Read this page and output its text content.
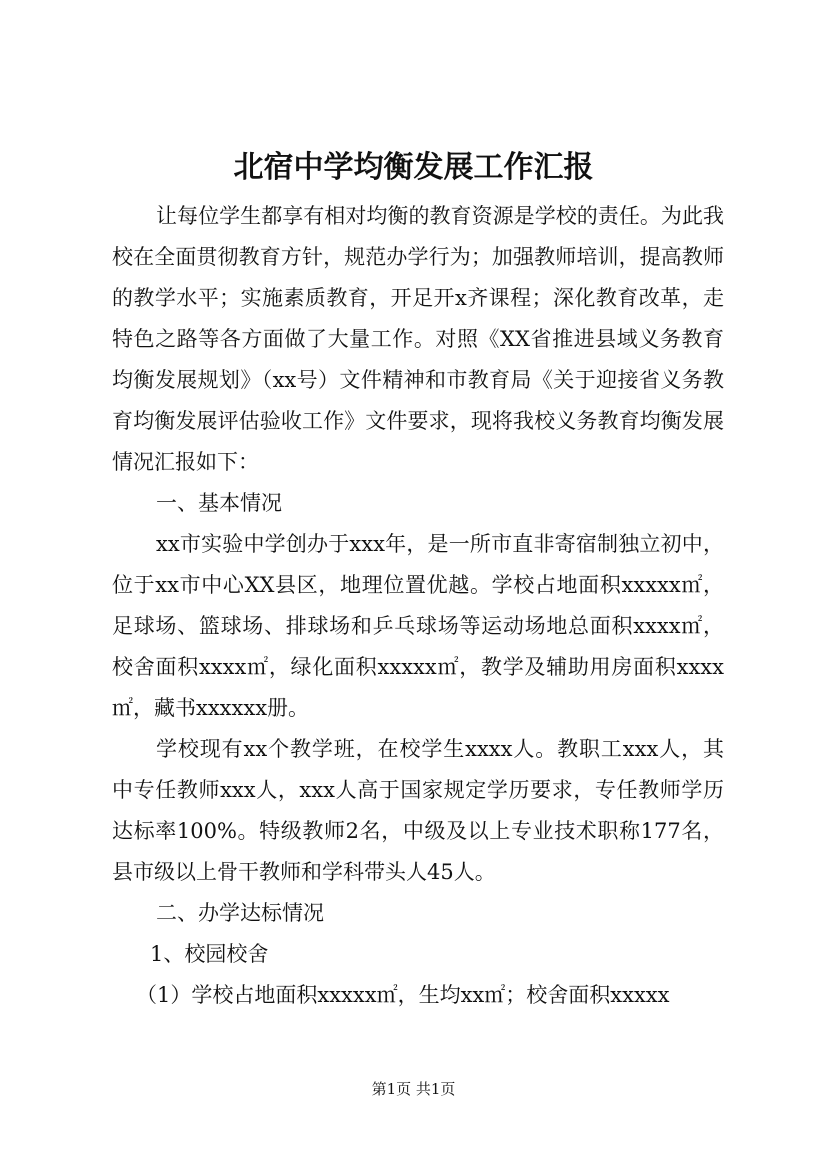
北宿中学均衡发展工作汇报

让每位学生都享有相对均衡的教育资源是学校的责任。为此我校在全面贯彻教育方针，规范办学行为；加强教师培训，提高教师的教学水平；实施素质教育，开足开x齐课程；深化教育改革，走特色之路等各方面做了大量工作。对照《XX省推进县域义务教育均衡发展规划》（xx号）文件精神和市教育局《关于迎接省义务教育均衡发展评估验收工作》文件要求，现将我校义务教育均衡发展情况汇报如下：

一、基本情况

xx市实验中学创办于xxx年，是一所市直非寄宿制独立初中，位于xx市中心XX县区，地理位置优越。学校占地面积xxxxx㎡，足球场、篮球场、排球场和乒乓球场等运动场地总面积xxxx㎡，校舍面积xxxx㎡，绿化面积xxxxx㎡，教学及辅助用房面积xxxx㎡，藏书xxxxxx册。

学校现有xx个教学班，在校学生xxxx人。教职工xxx人，其中专任教师xxx人，xxx人高于国家规定学历要求，专任教师学历达标率100%。特级教师2名，中级及以上专业技术职称177名，县市级以上骨干教师和学科带头人45人。

二、办学达标情况

1、校园校舍

（1）学校占地面积xxxxx㎡，生均xx㎡；校舍面积xxxxx

第1页 共1页
